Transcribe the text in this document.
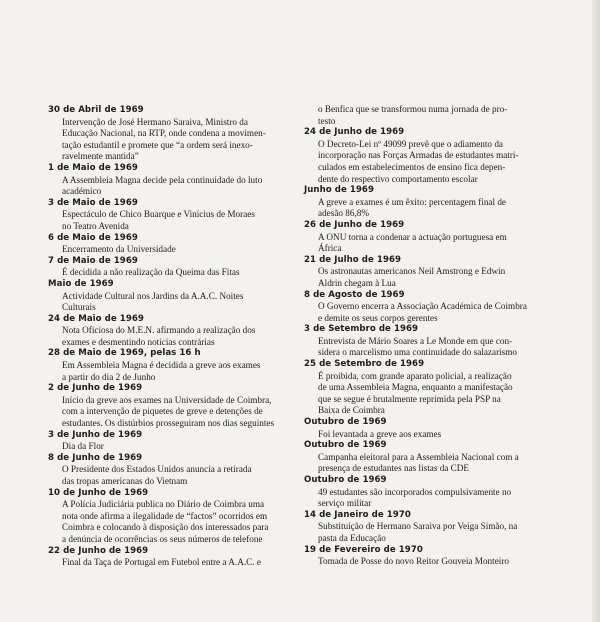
30 de Abril de 1969
Intervenção de José Hermano Saraiva, Ministro da
Educação Nacional, na RTP, onde condena a movimen-
tação estudantil e promete que “a ordem será inexo-
ravelmente mantida”
1 de Maio de 1969
A Assembleia Magna decide pela continuidade do luto
académico
3 de Maio de 1969
Espectáculo de Chico Buarque e Vinícius de Moraes
no Teatro Avenida
6 de Maio de 1969
Encerramento da Universidade
7 de Maio de 1969
É decidida a não realização da Queima das Fitas
Maio de 1969
Actividade Cultural nos Jardins da A.A.C. Noites
Culturais
24 de Maio de 1969
Nota Oficiosa do M.E.N. afirmando a realização dos
exames e desmentindo notícias contrárias
28 de Maio de 1969, pelas 16 h
Em Assembleia Magna é decidida a greve aos exames
a partir do dia 2 de Junho
2 de Junho de 1969
Início da greve aos exames na Universidade de Coimbra,
com a intervenção de piquetes de greve e detenções de
estudantes. Os distúrbios prosseguiram nos dias seguintes
3 de Junho de 1969
Dia da Flor
8 de Junho de 1969
O Presidente dos Estados Unidos anuncia a retirada
das tropas americanas do Vietnam
10 de Junho de 1969
A Polícia Judiciária publica no Diário de Coimbra uma
nota onde afirma a ilegalidade de “factos” ocorridos em
Coimbra e colocando à disposição dos interessados para
a denúncia de ocorrências os seus números de telefone
22 de Junho de 1969
Final da Taça de Portugal em Futebol entre a A.A.C. e
o Benfica que se transformou numa jornada de pro-
testo
24 de Junho de 1969
O Decreto-Lei nº 49099 prevê que o adiamento da
incorporação nas Forças Armadas de estudantes matri-
culados em estabelecimentos de ensino fica depen-
dente do respectivo comportamento escolar
Junho de 1969
A greve a exames é um êxito: percentagem final de
adesão 86,8%
26 de Junho de 1969
A ONU torna a condenar a actuação portuguesa em
África
21 de Julho de 1969
Os astronautas americanos Neil Amstrong e Edwin
Aldrin chegam à Lua
8 de Agosto de 1969
O Governo encerra a Associação Académica de Coimbra
e demite os seus corpos gerentes
3 de Setembro de 1969
Entrevista de Mário Soares a Le Monde em que con-
sidera o marcelismo uma continuidade do salazarismo
25 de Setembro de 1969
É proibida, com grande aparato policial, a realização
de uma Assembleia Magna, enquanto a manifestação
que se segue é brutalmente reprimida pela PSP na
Baixa de Coimbra
Outubro de 1969
Foi levantada a greve aos exames
Outubro de 1969
Campanha eleitoral para a Assembleia Nacional com a
presença de estudantes nas listas da CDE
Outubro de 1969
49 estudantes são incorporados compulsivamente no
serviço militar
14 de Janeiro de 1970
Substituição de Hermano Saraiva por Veiga Simão, na
pasta da Educação
19 de Fevereiro de 1970
Tomada de Posse do novo Reitor Gouveia Monteiro
